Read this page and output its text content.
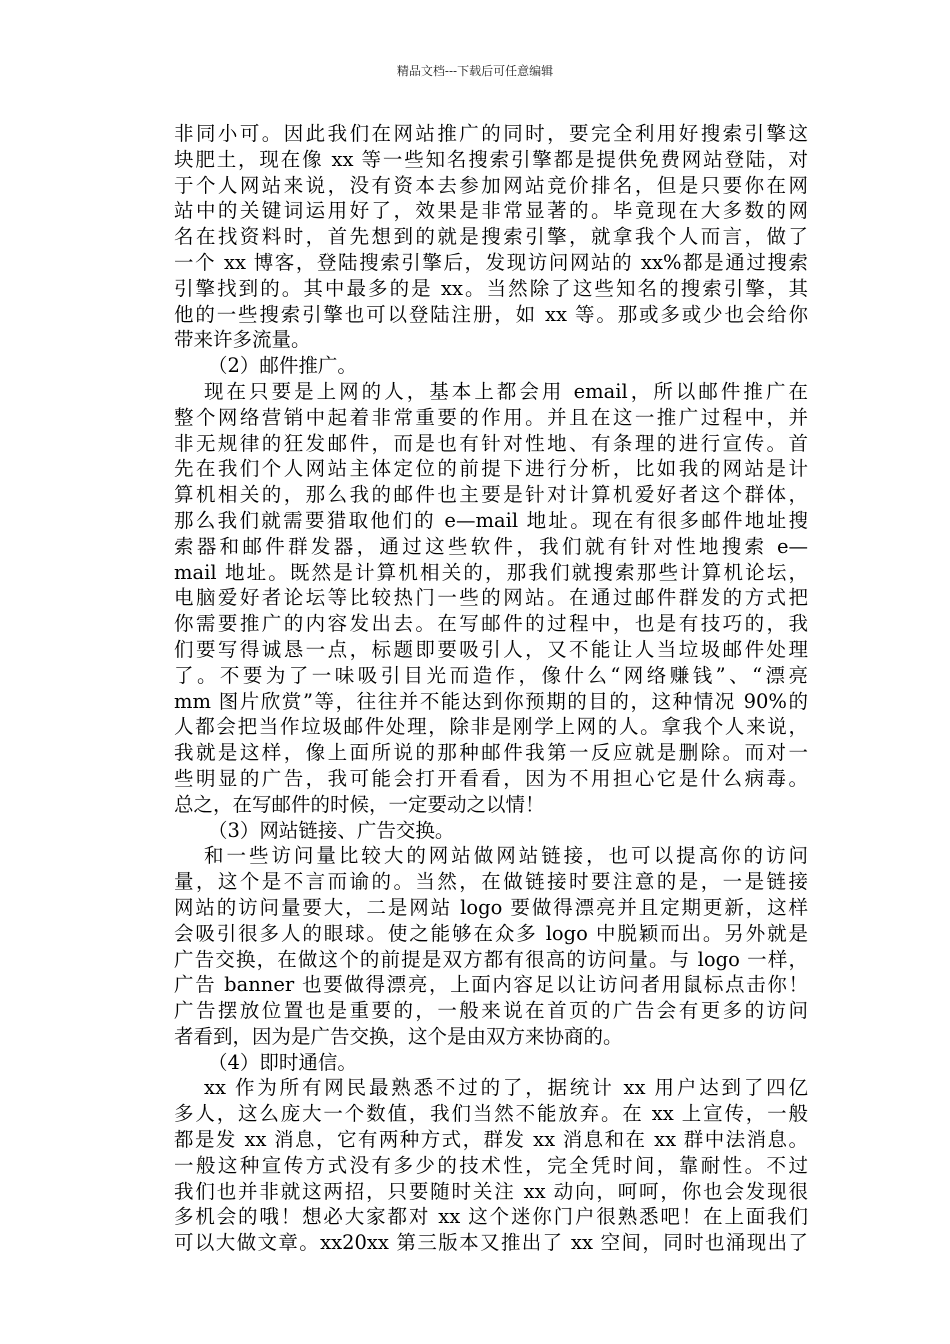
精品文档---下载后可任意编辑
非同小可。因此我们在网站推广的同时，要完全利用好搜索引擎这
块肥土，现在像 xx 等一些知名搜索引擎都是提供免费网站登陆，对
于个人网站来说，没有资本去参加网站竞价排名，但是只要你在网
站中的关键词运用好了，效果是非常显著的。毕竟现在大多数的网
名在找资料时，首先想到的就是搜索引擎，就拿我个人而言，做了
一个 xx 博客，登陆搜索引擎后，发现访问网站的 xx%都是通过搜索
引擎找到的。其中最多的是 xx。当然除了这些知名的搜索引擎，其
他的一些搜索引擎也可以登陆注册，如 xx 等。那或多或少也会给你
带来许多流量。
（2）邮件推广。
现在只要是上网的人，基本上都会用 email，所以邮件推广在
整个网络营销中起着非常重要的作用。并且在这一推广过程中，并
非无规律的狂发邮件，而是也有针对性地、有条理的进行宣传。首
先在我们个人网站主体定位的前提下进行分析，比如我的网站是计
算机相关的，那么我的邮件也主要是针对计算机爱好者这个群体，
那么我们就需要猎取他们的 e—mail 地址。现在有很多邮件地址搜
索器和邮件群发器，通过这些软件，我们就有针对性地搜索 e—
mail 地址。既然是计算机相关的，那我们就搜索那些计算机论坛，
电脑爱好者论坛等比较热门一些的网站。在通过邮件群发的方式把
你需要推广的内容发出去。在写邮件的过程中，也是有技巧的，我
们要写得诚恳一点，标题即要吸引人，又不能让人当垃圾邮件处理
了。不要为了一味吸引目光而造作，像什么“网络赚钱”、“漂亮
mm 图片欣赏”等，往往并不能达到你预期的目的，这种情况 90%的
人都会把当作垃圾邮件处理，除非是刚学上网的人。拿我个人来说，
我就是这样，像上面所说的那种邮件我第一反应就是删除。而对一
些明显的广告，我可能会打开看看，因为不用担心它是什么病毒。
总之，在写邮件的时候，一定要动之以情！
（3）网站链接、广告交换。
和一些访问量比较大的网站做网站链接，也可以提高你的访问
量，这个是不言而谕的。当然，在做链接时要注意的是，一是链接
网站的访问量要大，二是网站 logo 要做得漂亮并且定期更新，这样
会吸引很多人的眼球。使之能够在众多 logo 中脱颖而出。另外就是
广告交换，在做这个的前提是双方都有很高的访问量。与 logo 一样，
广告 banner 也要做得漂亮，上面内容足以让访问者用鼠标点击你！
广告摆放位置也是重要的，一般来说在首页的广告会有更多的访问
者看到，因为是广告交换，这个是由双方来协商的。
（4）即时通信。
xx 作为所有网民最熟悉不过的了，据统计 xx 用户达到了四亿
多人，这么庞大一个数值，我们当然不能放弃。在 xx 上宣传，一般
都是发 xx 消息，它有两种方式，群发 xx 消息和在 xx 群中法消息。
一般这种宣传方式没有多少的技术性，完全凭时间，靠耐性。不过
我们也并非就这两招，只要随时关注 xx 动向，呵呵，你也会发现很
多机会的哦！想必大家都对 xx 这个迷你门户很熟悉吧！在上面我们
可以大做文章。xx20xx 第三版本又推出了 xx 空间，同时也涌现出了
